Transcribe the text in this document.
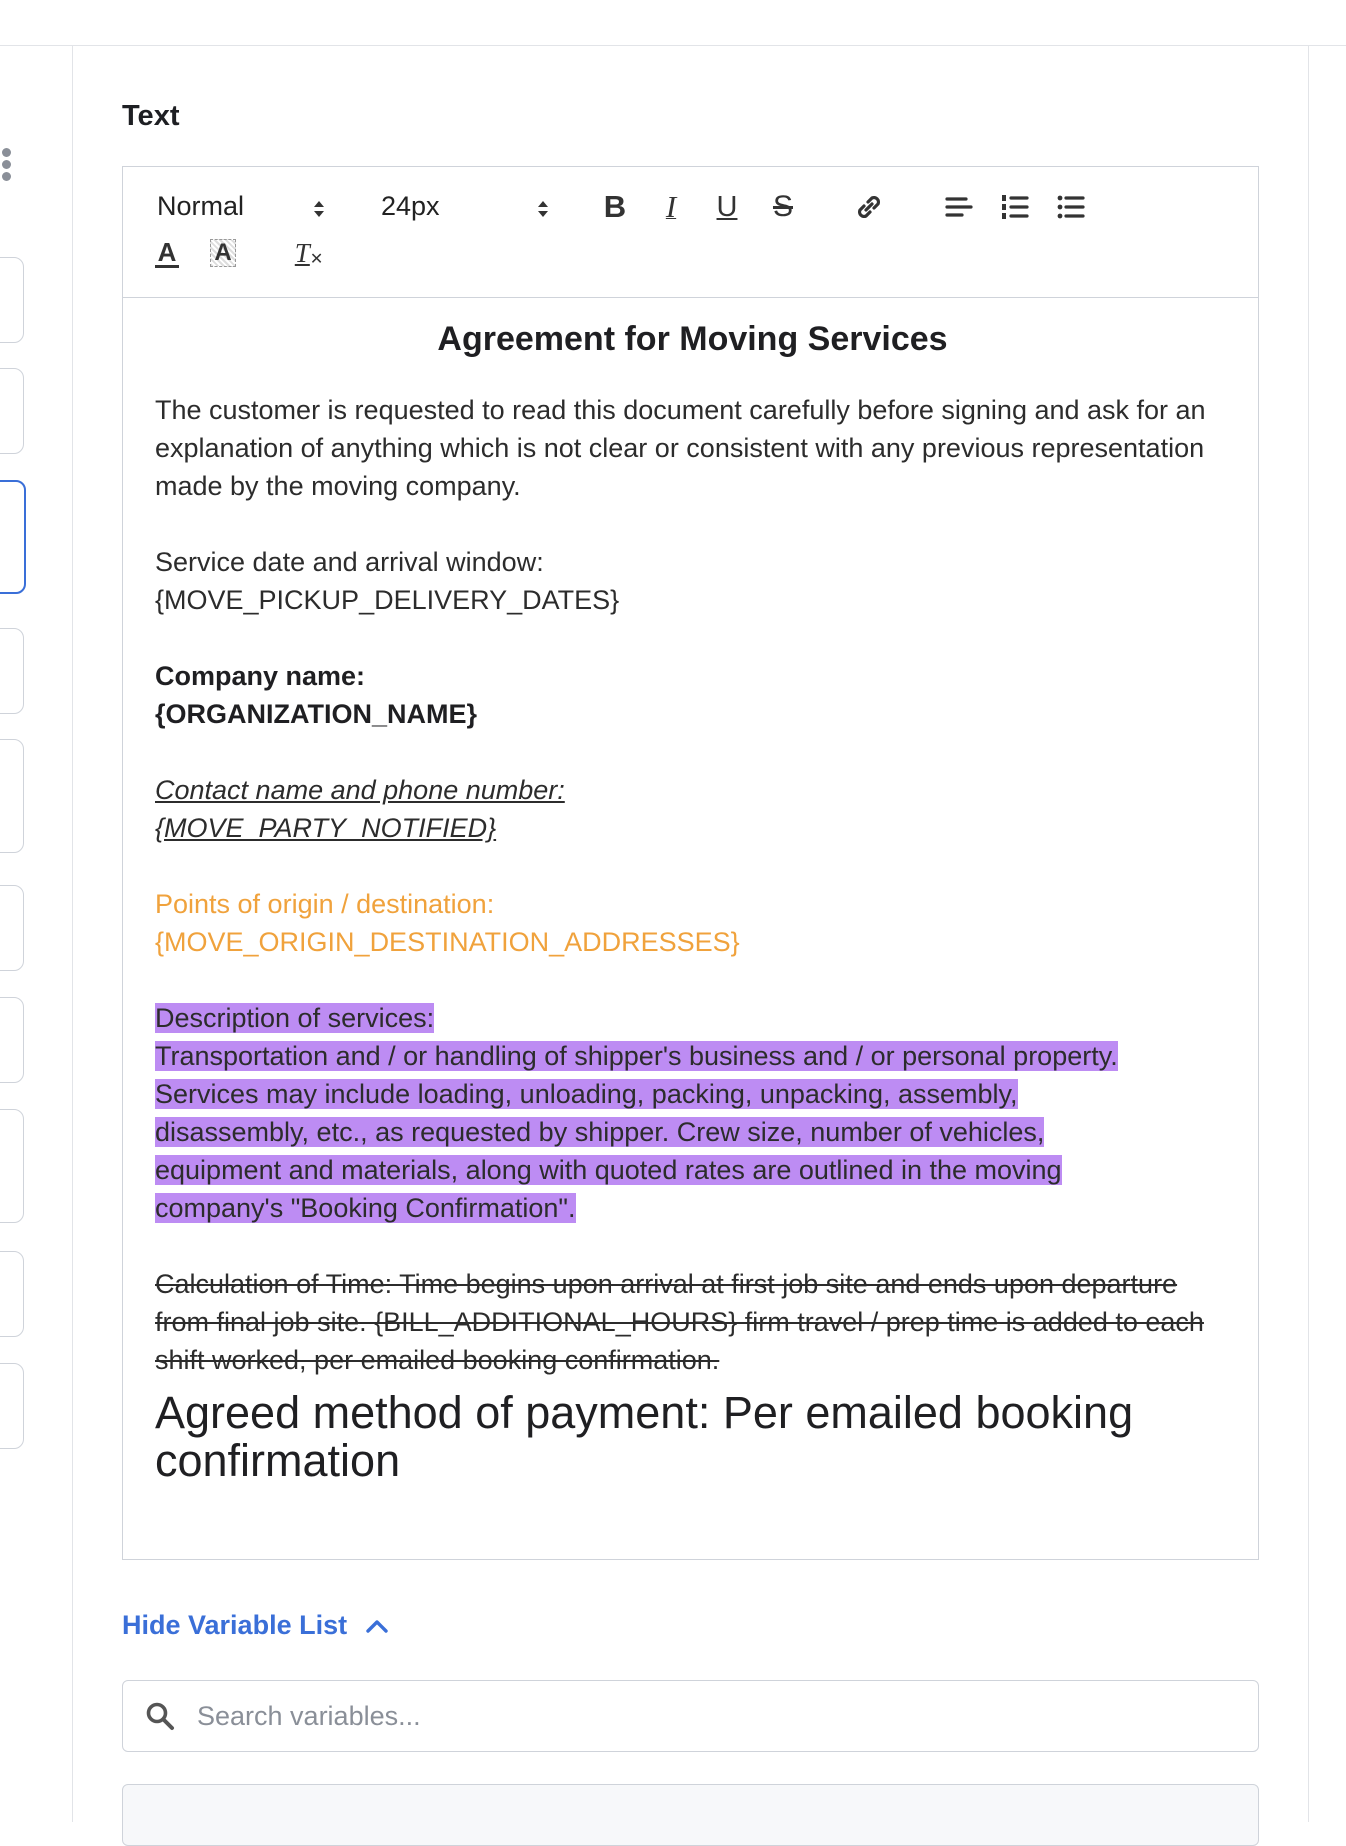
Text
Normal	24px	B I U S
A A T ✕

Agreement for Moving Services

The customer is requested to read this document carefully before signing and ask for an explanation of anything which is not clear or consistent with any previous representation made by the moving company.

Service date and arrival window:

{MOVE_PICKUP_DELIVERY_DATES}

Company name:

{ORGANIZATION_NAME}

Contact name and phone number:

{MOVE_PARTY_NOTIFIED}

Points of origin / destination:

{MOVE_ORIGIN_DESTINATION_ADDRESSES}

Description of services:

Transportation and / or handling of shipper's business and / or personal property.

Services may include loading, unloading, packing, unpacking, assembly,

disassembly, etc., as requested by shipper. Crew size, number of vehicles,

equipment and materials, along with quoted rates are outlined in the moving

company's "Booking Confirmation".

Calculation of Time: Time begins upon arrival at first job site and ends upon departure from final job site. {BILL_ADDITIONAL_HOURS} firm travel / prep time is added to each shift worked, per emailed booking confirmation.

Agreed method of payment: Per emailed booking confirmation

Hide Variable List
Search variables...
